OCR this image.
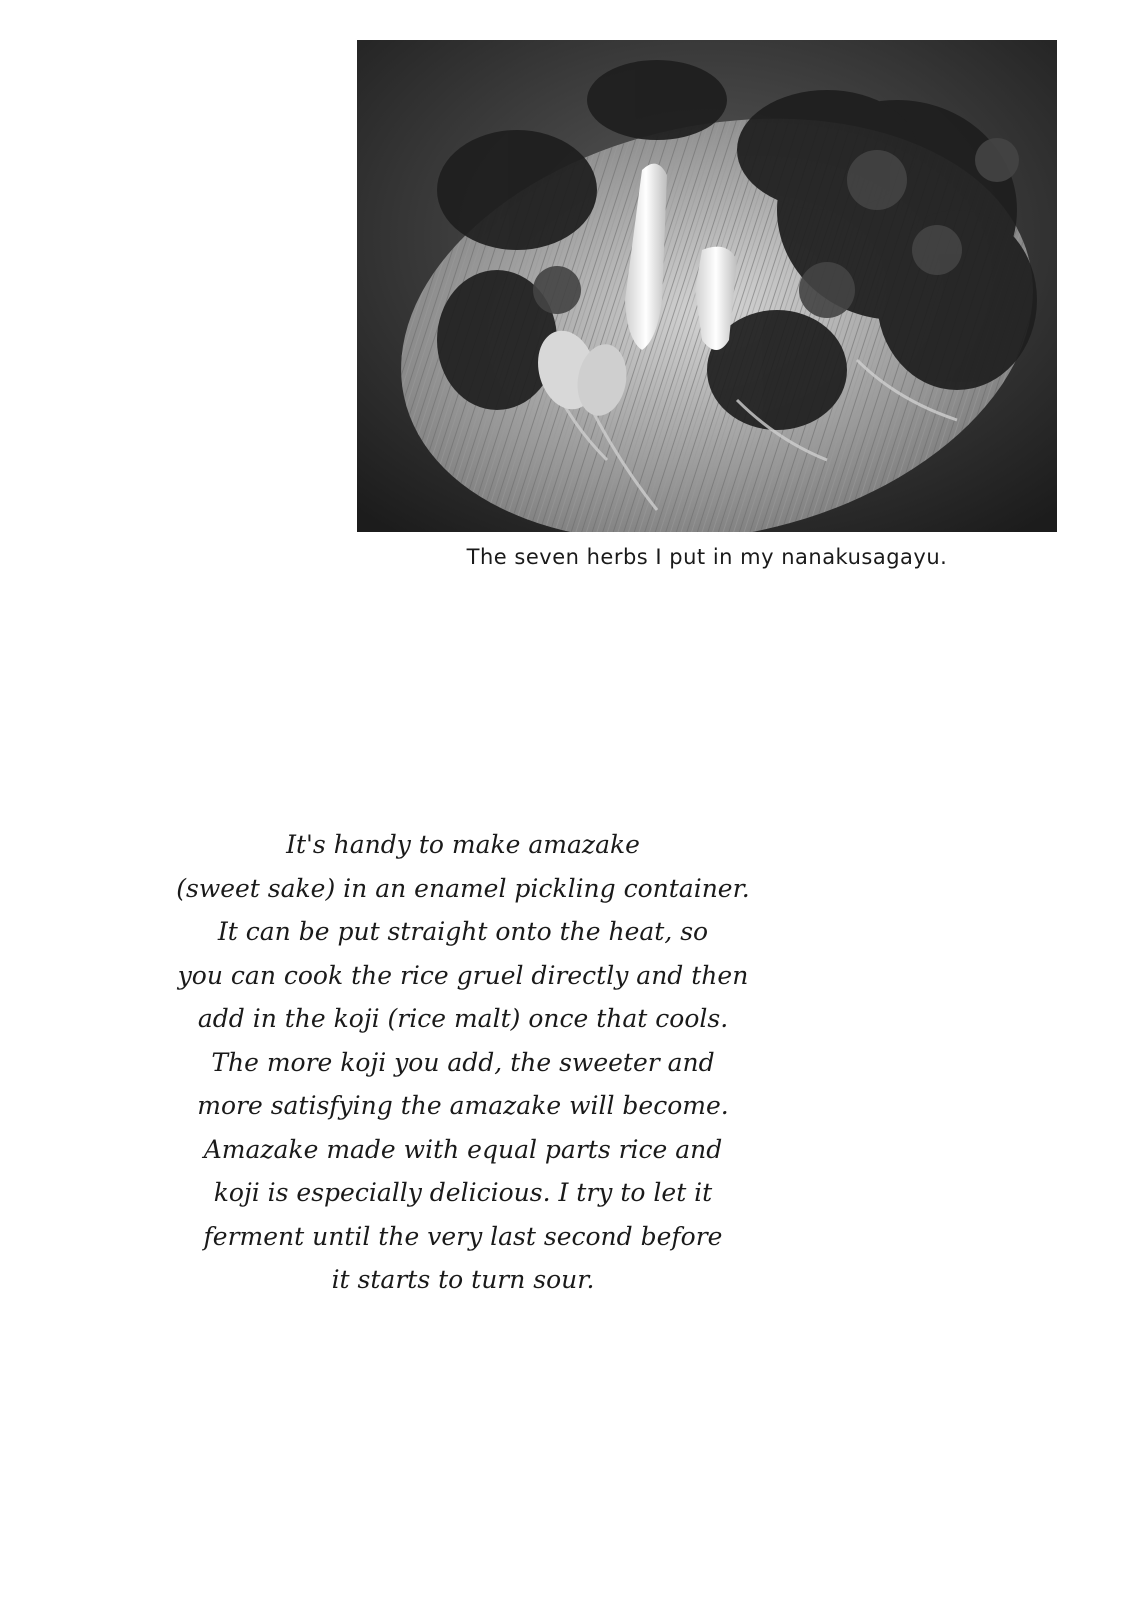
The seven herbs I put in my nanakusagayu.
It's handy to make amazake
(sweet sake) in an enamel pickling container.
It can be put straight onto the heat, so
you can cook the rice gruel directly and then
add in the koji (rice malt) once that cools.
The more koji you add, the sweeter and
more satisfying the amazake will become.
Amazake made with equal parts rice and
koji is especially delicious. I try to let it
ferment until the very last second before
it starts to turn sour.
